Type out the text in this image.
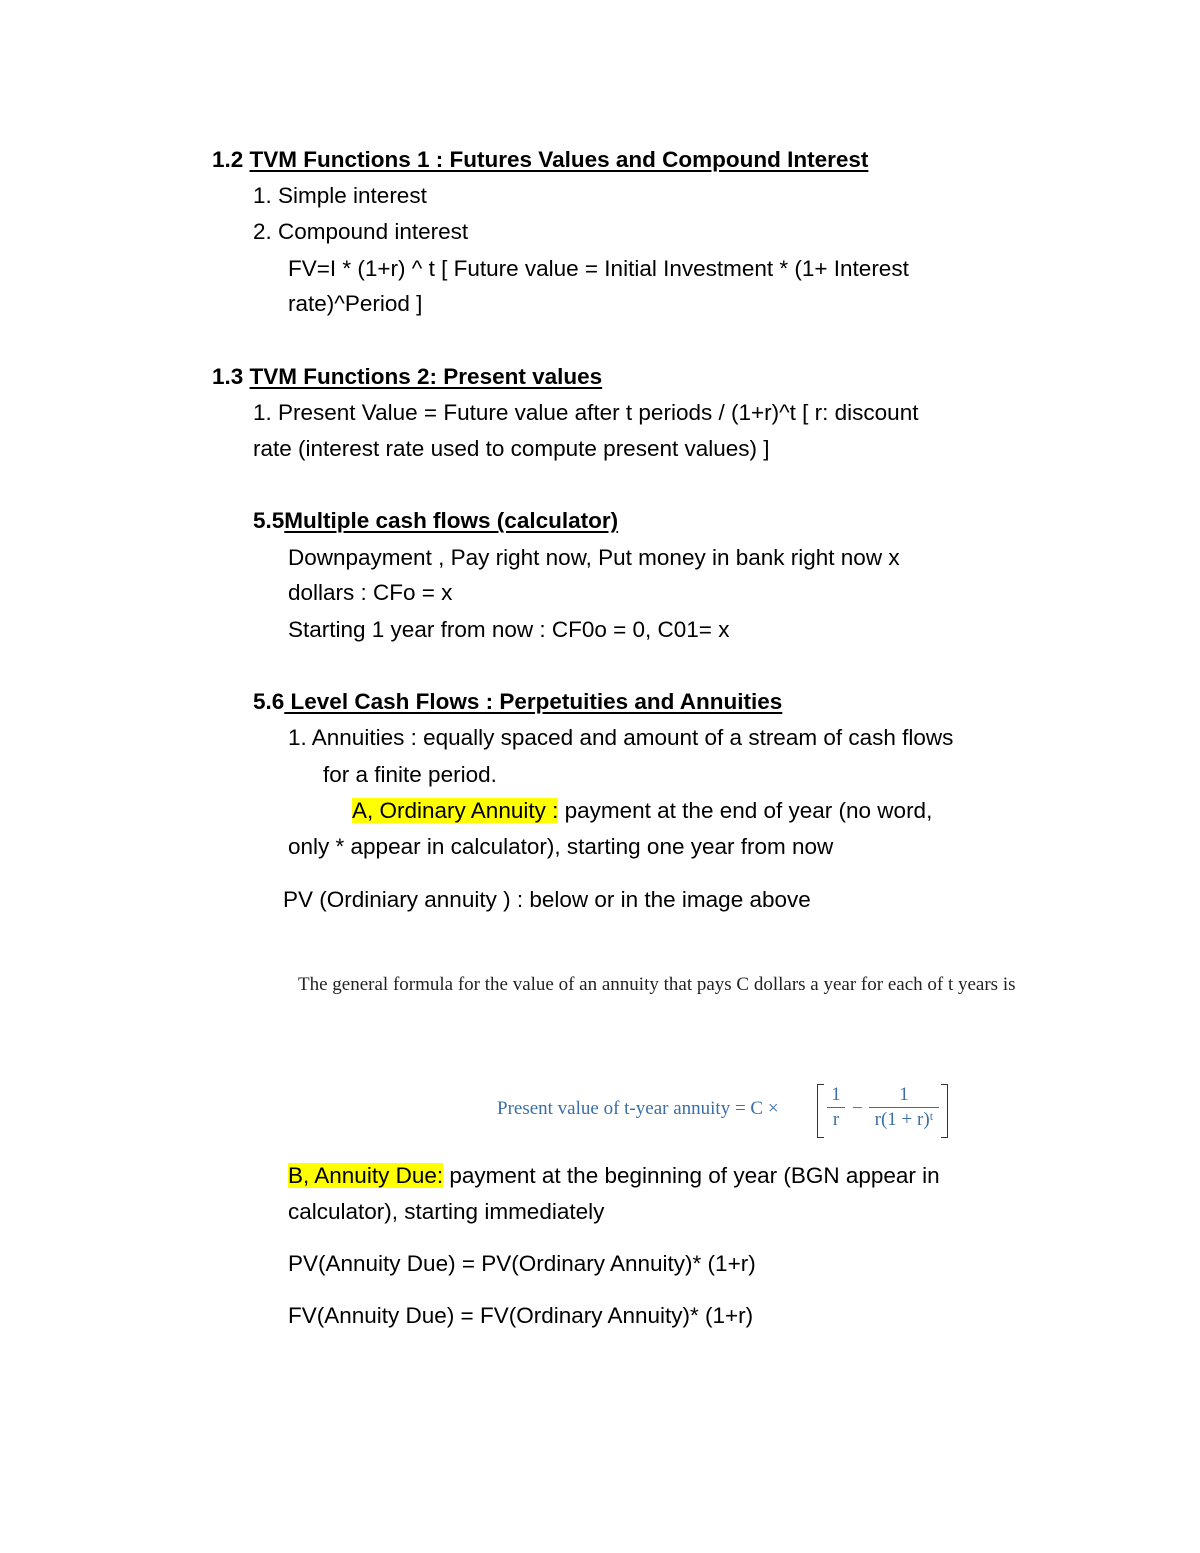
1.2 TVM Functions 1 : Futures Values and Compound Interest
1. Simple interest
2. Compound interest
FV=I * (1+r) ^ t [ Future value = Initial Investment * (1+ Interest
rate)^Period ]
1.3 TVM Functions 2: Present values
1. Present Value = Future value after t periods / (1+r)^t [ r: discount
rate (interest rate used to compute present values) ]
5.5Multiple cash flows (calculator)
Downpayment , Pay right now, Put money in bank right now x
dollars : CFo = x
Starting 1 year from now : CF0o = 0, C01= x
5.6 Level Cash Flows : Perpetuities and Annuities
1. Annuities : equally spaced and amount of a stream of cash flows
for a finite period.
A, Ordinary Annuity : payment at the end of year (no word,
only * appear in calculator), starting one year from now
PV (Ordiniary annuity ) : below or in the image above
The general formula for the value of an annuity that pays C dollars a year for each of t years is
Present value of t-year annuity = C ×
1
r
−
1
r(1 + r)ᵗ
B, Annuity Due: payment at the beginning of year (BGN appear in
calculator), starting immediately
PV(Annuity Due) = PV(Ordinary Annuity)* (1+r)
FV(Annuity Due) = FV(Ordinary Annuity)* (1+r)
